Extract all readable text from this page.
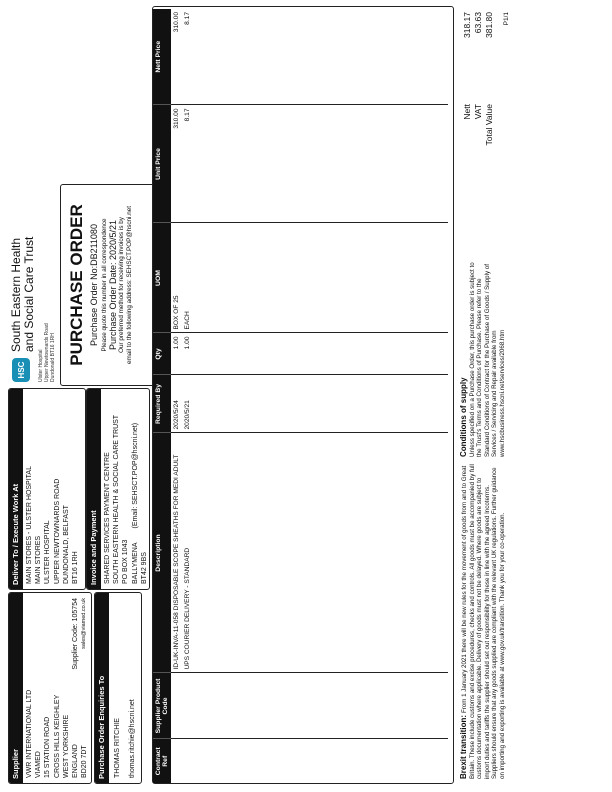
Supplier VWR INTERNATIONAL LTD VIAMED 15 STATION ROAD CROSS HILLS KEIGHLEY WEST YORKSHIRE ENGLAND
Supplier Code: 105754
BD20 7DT
sales@viamed.co.uk
Purchase Order Enquiries To	THOMAS RITCHIE thomas.ritchie@hscni.net
Deliver To / Execute Work At MAIN STORES - ULSTER HOSPITAL MAIN STORES ULSTER HOSPITAL UPPER NEWTOWNARDS ROAD DUNDONALD, BELFAST BT16 1RH Invoice and Payment SHARED SERVICES PAYMENT CENTRE SOUTH EASTERN HEALTH & SOCIAL CARE TRUST PO BOX 1043 BALLYMENA
(Email: SEHSCT.POP@hscni.net)
BT42 9BS
HSC
South Eastern Health and Social Care Trust
Ulster Hospital Upper Newtownards Road Dundonald BT16 1RH PURCHASE ORDER Purchase Order No:DB211080 Please quote this number in all correspondence Purchase Order Date: 2020/5/21 Our preferred method for receiving invoices is by email to the following address: SEHSCT.POP@hscni.net
Contract Ref	Supplier Product Code	Description	Required By	Qty	UOM	Unit Price	Nett Price
		ID-UK-INVA-11-058 DISPOSABLE SCOPE SHEATHS FOR MEDI ADULT	2020/5/24	1.00	BOX OF 25	310.00	310.00
		UPS COURIER DELIVERY - STANDARD	2020/5/21	1.00	EACH	8.17	8.17
Brexit transition: From 1 January 2021 there will be new rules for the movement of goods from and to Great Britain. These include customs and excise procedures, checks and controls. All goods must be accompanied by full customs documentation where applicable. Delivery of goods must not be delayed. Where goods are subject to import duties and tariffs the supplier should set out responsibility for these in line with the agreed Incoterms. Suppliers should ensure that any goods supplied are compliant with the relevant UK regulations. Further guidance on importing and exporting is available at www.gov.uk/transition. Thank you for your co-operation.
Conditions of supply Unless specified on a Purchase Order, this purchase order is subject to the Trust's Terms and Conditions of Purchase. Please refer to the Standard Conditions of Contract for the Purchase of Goods / Supply of Services / Servicing and Repair available from www.hscbusiness.hscni.net/services/2068.htm
Nett
318.17
VAT
63.63
Total Value
381.80	P1/1
